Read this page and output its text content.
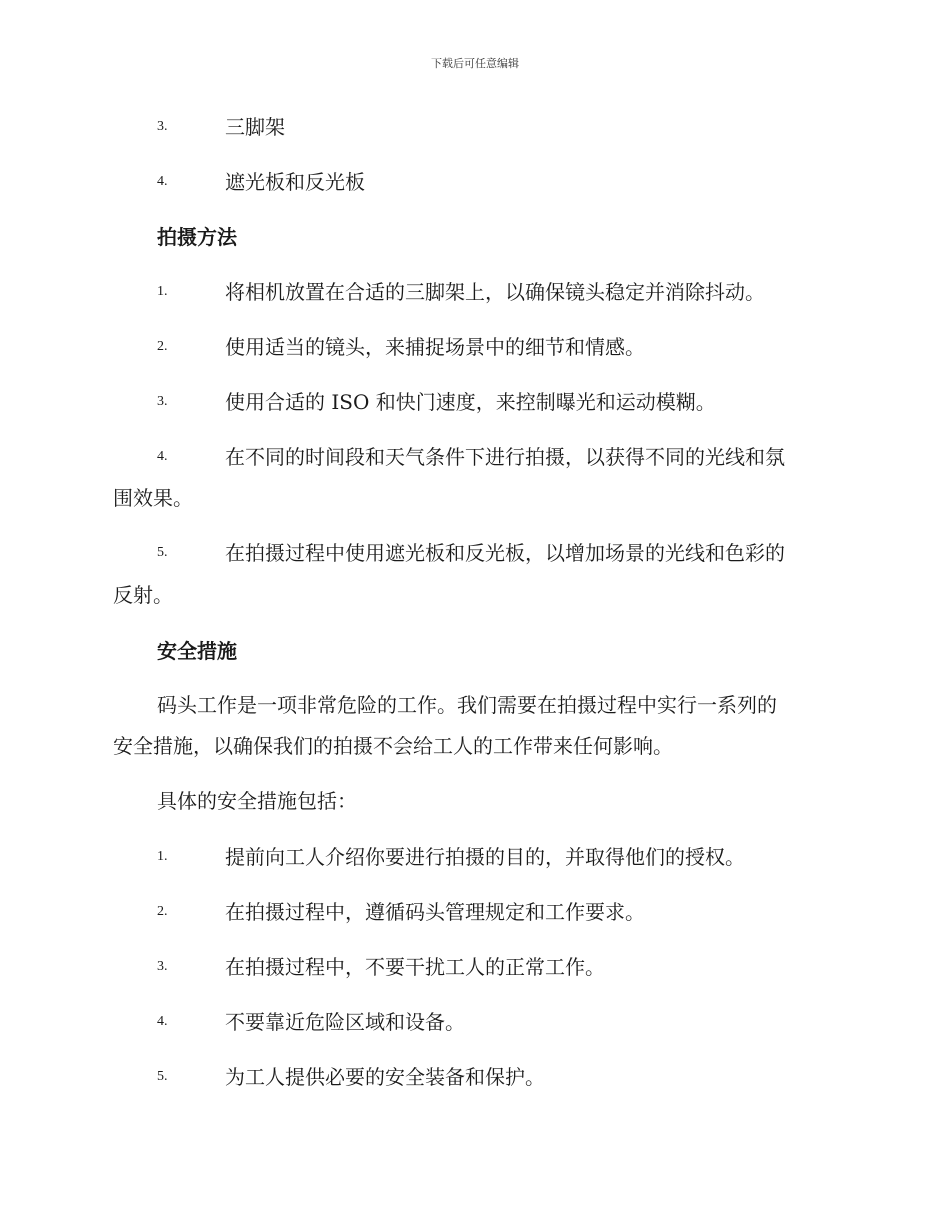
下载后可任意编辑
3.	三脚架
4.	遮光板和反光板
拍摄方法
1.	将相机放置在合适的三脚架上，以确保镜头稳定并消除抖动。
2.	使用适当的镜头，来捕捉场景中的细节和情感。
3.	使用合适的 ISO 和快门速度，来控制曝光和运动模糊。
4.	在不同的时间段和天气条件下进行拍摄，以获得不同的光线和氛
围效果。
5.	在拍摄过程中使用遮光板和反光板，以增加场景的光线和色彩的
反射。
安全措施
码头工作是一项非常危险的工作。我们需要在拍摄过程中实行一系列的
安全措施，以确保我们的拍摄不会给工人的工作带来任何影响。
具体的安全措施包括：
1.	提前向工人介绍你要进行拍摄的目的，并取得他们的授权。
2.	在拍摄过程中，遵循码头管理规定和工作要求。
3.	在拍摄过程中，不要干扰工人的正常工作。
4.	不要靠近危险区域和设备。
5.	为工人提供必要的安全装备和保护。
